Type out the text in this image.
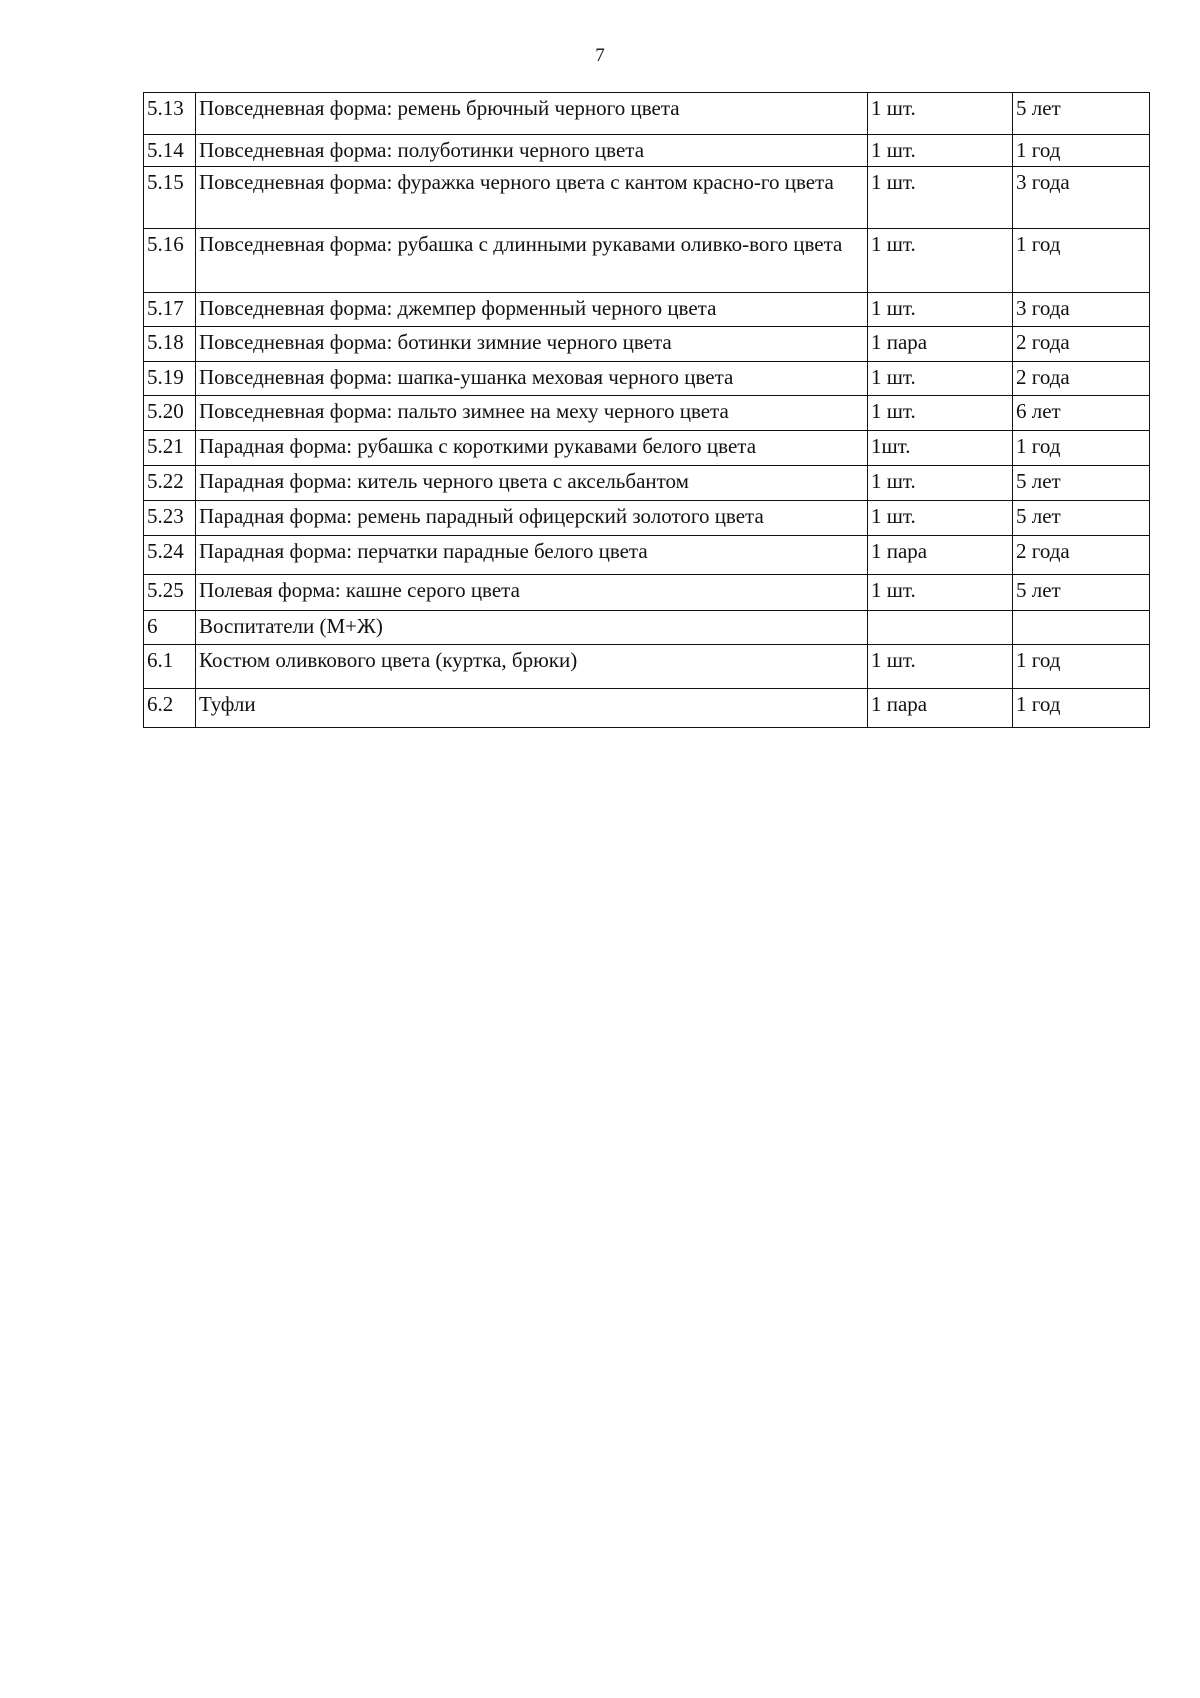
7
5.13	Повседневная форма: ремень брючный черного цвета	1 шт.	5 лет
5.14	Повседневная форма: полуботинки черного цвета	1 шт.	1 год
5.15	Повседневная форма: фуражка черного цвета с кантом красно-го цвета	1 шт.	3 года
5.16	Повседневная форма: рубашка с длинными рукавами оливко-вого цвета	1 шт.	1 год
5.17	Повседневная форма: джемпер форменный черного цвета	1 шт.	3 года
5.18	Повседневная форма: ботинки зимние черного цвета	1 пара	2 года
5.19	Повседневная форма: шапка-ушанка меховая черного цвета	1 шт.	2 года
5.20	Повседневная форма: пальто зимнее на меху черного цвета	1 шт.	6 лет
5.21	Парадная форма: рубашка с короткими рукавами белого цвета	1шт.	1 год
5.22	Парадная форма: китель черного цвета с аксельбантом	1 шт.	5 лет
5.23	Парадная форма: ремень парадный офицерский золотого цвета	1 шт.	5 лет
5.24	Парадная форма: перчатки парадные белого цвета	1 пара	2 года
5.25	Полевая форма: кашне серого цвета	1 шт.	5 лет
6	Воспитатели (М+Ж)		
6.1	Костюм оливкового цвета (куртка, брюки)	1 шт.	1 год
6.2	Туфли	1 пара	1 год
